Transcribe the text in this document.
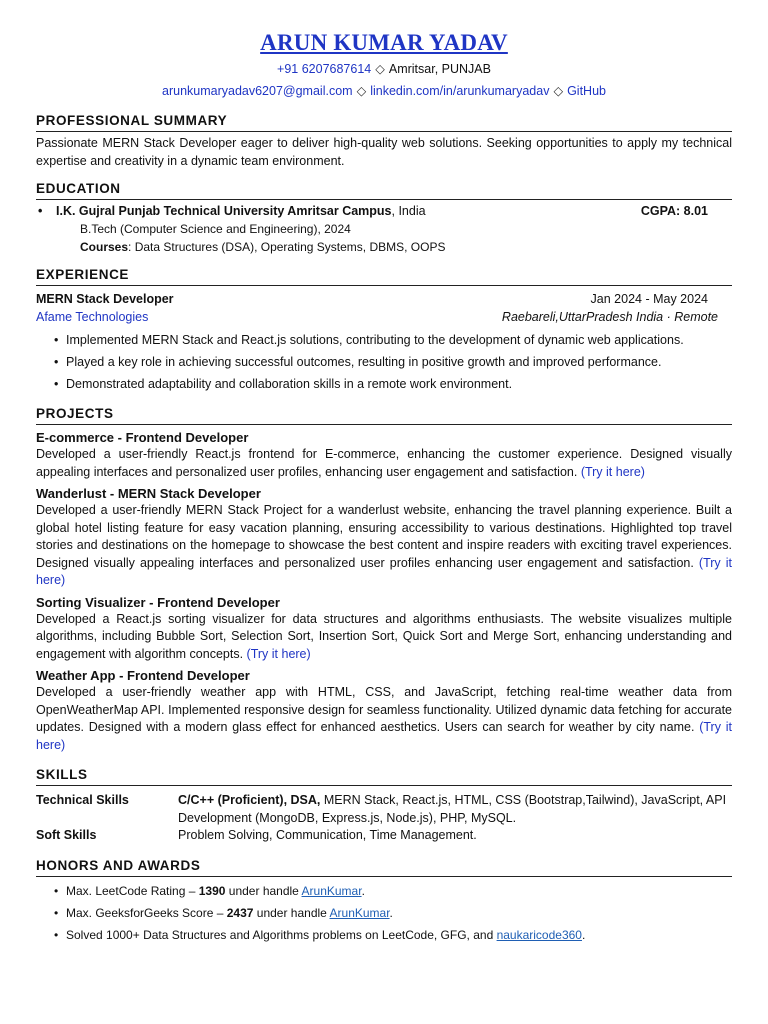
ARUN KUMAR YADAV
+91 6207687614 ◇ Amritsar, PUNJAB
arunkumaryadav6207@gmail.com ◇ linkedin.com/in/arunkumaryadav ◇ GitHub
PROFESSIONAL SUMMARY

Passionate MERN Stack Developer eager to deliver high-quality web solutions. Seeking opportunities to apply my technical expertise and creativity in a dynamic team environment.

EDUCATION
•	I.K. Gujral Punjab Technical University Amritsar Campus , India	CGPA: 8.01
B.Tech (Computer Science and Engineering), 2024
Courses: Data Structures (DSA), Operating Systems, DBMS, OOPS
EXPERIENCE
MERN Stack Developer	Jan 2024 - May 2024
Afame Technologies	Raebareli,UttarPradesh India · Remote
• Implemented MERN Stack and React.js solutions, contributing to the development of dynamic web applications.
• Played a key role in achieving successful outcomes, resulting in positive growth and improved performance.
• Demonstrated adaptability and collaboration skills in a remote work environment.
PROJECTS
E-commerce - Frontend Developer

Developed a user-friendly React.js frontend for E-commerce, enhancing the customer experience. Designed visually appealing interfaces and personalized user profiles, enhancing user engagement and satisfaction. (Try it here)

Wanderlust - MERN Stack Developer

Developed a user-friendly MERN Stack Project for a wanderlust website, enhancing the travel planning experience. Built a global hotel listing feature for easy vacation planning, ensuring accessibility to various destinations. Highlighted top travel stories and destinations on the homepage to showcase the best content and inspire readers with exciting travel experiences. Designed visually appealing interfaces and personalized user profiles enhancing user engagement and satisfaction. (Try it here)

Sorting Visualizer - Frontend Developer

Developed a React.js sorting visualizer for data structures and algorithms enthusiasts. The website visualizes multiple algorithms, including Bubble Sort, Selection Sort, Insertion Sort, Quick Sort and Merge Sort, enhancing understanding and engagement with algorithm concepts. (Try it here)

Weather App - Frontend Developer

Developed a user-friendly weather app with HTML, CSS, and JavaScript, fetching real-time weather data from OpenWeatherMap API. Implemented responsive design for seamless functionality. Utilized dynamic data fetching for accurate updates. Designed with a modern glass effect for enhanced aesthetics. Users can search for weather by city name. (Try it here)

SKILLS
Technical Skills	C/C++ (Proficient), DSA, MERN Stack, React.js, HTML, CSS (Bootstrap,Tailwind), JavaScript, API Development (MongoDB, Express.js, Node.js), PHP, MySQL.
Soft Skills	Problem Solving, Communication, Time Management.
HONORS AND AWARDS
• Max. LeetCode Rating – 1390 under handle ArunKumar.
• Max. GeeksforGeeks Score – 2437 under handle ArunKumar.
• Solved 1000+ Data Structures and Algorithms problems on LeetCode, GFG, and naukaricode360.
